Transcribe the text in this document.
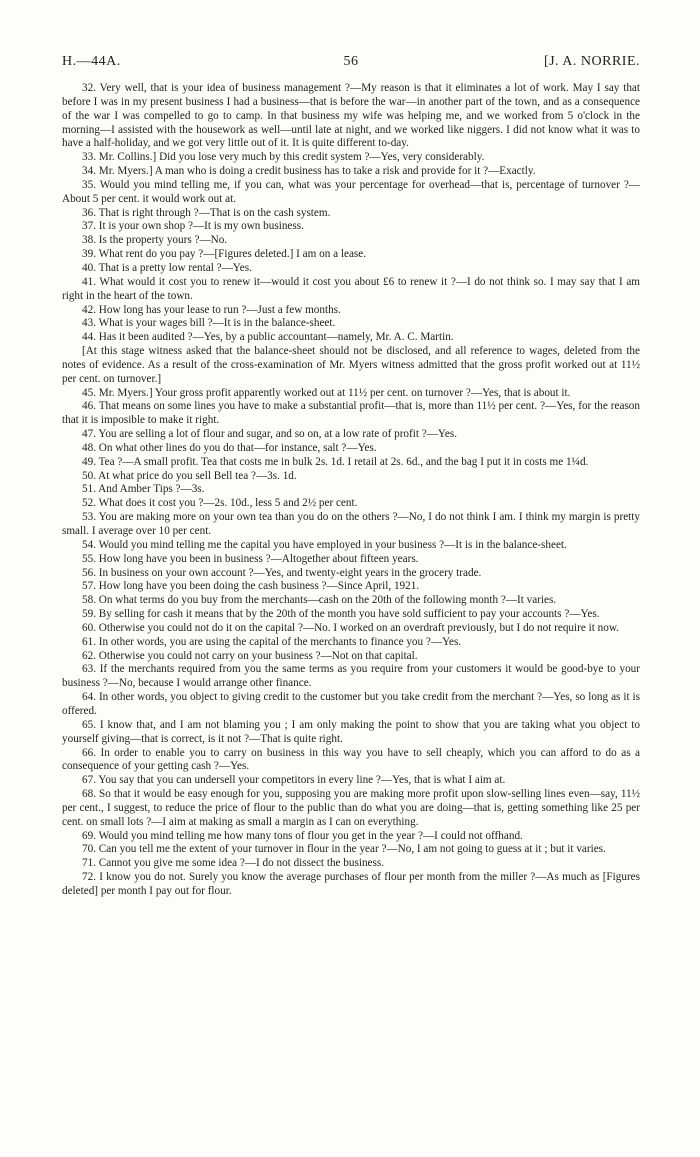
H.—44A.	56	[J. A. NORRIE.

32. Very well, that is your idea of business management ?—My reason is that it eliminates a lot of work. May I say that before I was in my present business I had a business—that is before the war—in another part of the town, and as a consequence of the war I was compelled to go to camp. In that business my wife was helping me, and we worked from 5 o'clock in the morning—I assisted with the housework as well—until late at night, and we worked like niggers. I did not know what it was to have a half-holiday, and we got very little out of it. It is quite different to-day.

33. Mr. Collins.] Did you lose very much by this credit system ?—Yes, very considerably.

34. Mr. Myers.] A man who is doing a credit business has to take a risk and provide for it ?—Exactly.

35. Would you mind telling me, if you can, what was your percentage for overhead—that is, percentage of turnover ?—About 5 per cent. it would work out at.

36. That is right through ?—That is on the cash system.

37. It is your own shop ?—It is my own business.

38. Is the property yours ?—No.

39. What rent do you pay ?—[Figures deleted.] I am on a lease.

40. That is a pretty low rental ?—Yes.

41. What would it cost you to renew it—would it cost you about £6 to renew it ?—I do not think so. I may say that I am right in the heart of the town.

42. How long has your lease to run ?—Just a few months.

43. What is your wages bill ?—It is in the balance-sheet.

44. Has it been audited ?—Yes, by a public accountant—namely, Mr. A. C. Martin.

[At this stage witness asked that the balance-sheet should not be disclosed, and all reference to wages, deleted from the notes of evidence. As a result of the cross-examination of Mr. Myers witness admitted that the gross profit worked out at 11½ per cent. on turnover.]

45. Mr. Myers.] Your gross profit apparently worked out at 11½ per cent. on turnover ?—Yes, that is about it.

46. That means on some lines you have to make a substantial profit—that is, more than 11½ per cent. ?—Yes, for the reason that it is imposible to make it right.

47. You are selling a lot of flour and sugar, and so on, at a low rate of profit ?—Yes.

48. On what other lines do you do that—for instance, salt ?—Yes.

49. Tea ?—A small profit. Tea that costs me in bulk 2s. 1d. I retail at 2s. 6d., and the bag I put it in costs me 1¼d.

50. At what price do you sell Bell tea ?—3s. 1d.

51. And Amber Tips ?—3s.

52. What does it cost you ?—2s. 10d., less 5 and 2½ per cent.

53. You are making more on your own tea than you do on the others ?—No, I do not think I am. I think my margin is pretty small. I average over 10 per cent.

54. Would you mind telling me the capital you have employed in your business ?—It is in the balance-sheet.

55. How long have you been in business ?—Altogether about fifteen years.

56. In business on your own account ?—Yes, and twenty-eight years in the grocery trade.

57. How long have you been doing the cash business ?—Since April, 1921.

58. On what terms do you buy from the merchants—cash on the 20th of the following month ?—It varies.

59. By selling for cash it means that by the 20th of the month you have sold sufficient to pay your accounts ?—Yes.

60. Otherwise you could not do it on the capital ?—No. I worked on an overdraft previously, but I do not require it now.

61. In other words, you are using the capital of the merchants to finance you ?—Yes.

62. Otherwise you could not carry on your business ?—Not on that capital.

63. If the merchants required from you the same terms as you require from your customers it would be good-bye to your business ?—No, because I would arrange other finance.

64. In other words, you object to giving credit to the customer but you take credit from the merchant ?—Yes, so long as it is offered.

65. I know that, and I am not blaming you ; I am only making the point to show that you are taking what you object to yourself giving—that is correct, is it not ?—That is quite right.

66. In order to enable you to carry on business in this way you have to sell cheaply, which you can afford to do as a consequence of your getting cash ?—Yes.

67. You say that you can undersell your competitors in every line ?—Yes, that is what I aim at.

68. So that it would be easy enough for you, supposing you are making more profit upon slow-selling lines even—say, 11½ per cent., I suggest, to reduce the price of flour to the public than do what you are doing—that is, getting something like 25 per cent. on small lots ?—I aim at making as small a margin as I can on everything.

69. Would you mind telling me how many tons of flour you get in the year ?—I could not offhand.

70. Can you tell me the extent of your turnover in flour in the year ?—No, I am not going to guess at it ; but it varies.

71. Cannot you give me some idea ?—I do not dissect the business.

72. I know you do not. Surely you know the average purchases of flour per month from the miller ?—As much as [Figures deleted] per month I pay out for flour.
